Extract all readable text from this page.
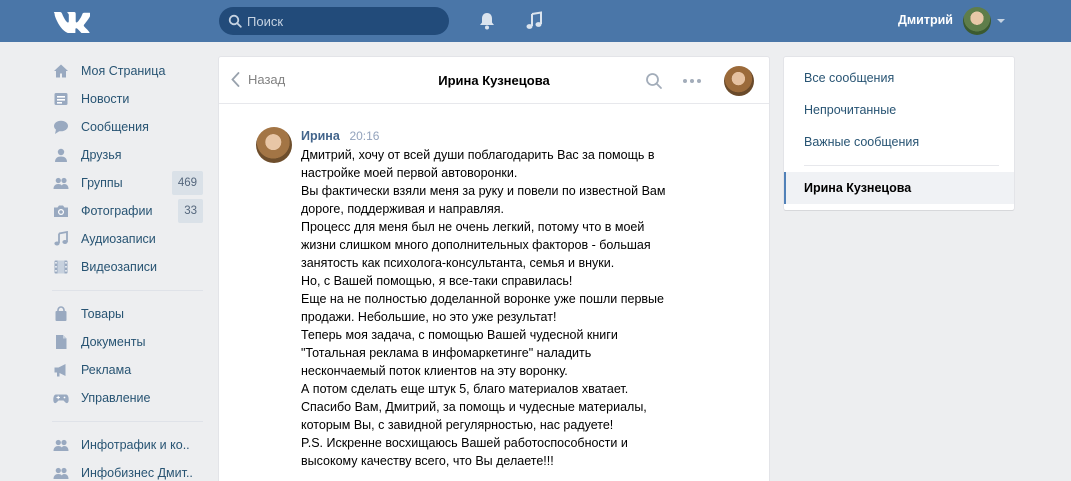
Поиск
Дмитрий
Моя Страница
Новости
Сообщения
Друзья
Группы	469
Фотографии	33
Аудиозаписи
Видеозаписи
Товары
Документы
Реклама
Управление
Инфотрафик и ко..
Инфобизнес Дмит..
Назад	Ирина Кузнецова
Ирина 20:16
Дмитрий, хочу от всей души поблагодарить Вас за помощь в
настройке моей первой автоворонки.
Вы фактически взяли меня за руку и повели по известной Вам
дороге, поддерживая и направляя.
Процесс для меня был не очень легкий, потому что в моей
жизни слишком много дополнительных факторов - большая
занятость как психолога-консультанта, семья и внуки.
Но, с Вашей помощью, я все-таки справилась!
Еще на не полностью доделанной воронке уже пошли первые
продажи. Небольшие, но это уже результат!
Теперь моя задача, с помощью Вашей чудесной книги
"Тотальная реклама в инфомаркетинге" наладить
нескончаемый поток клиентов на эту воронку.
А потом сделать еще штук 5, благо материалов хватает.
Спасибо Вам, Дмитрий, за помощь и чудесные материалы,
которым Вы, с завидной регулярностью, нас радуете!
P.S. Искренне восхищаюсь Вашей работоспособности и
высокому качеству всего, что Вы делаете!!!
Все сообщения
Непрочитанные
Важные сообщения
Ирина Кузнецова
